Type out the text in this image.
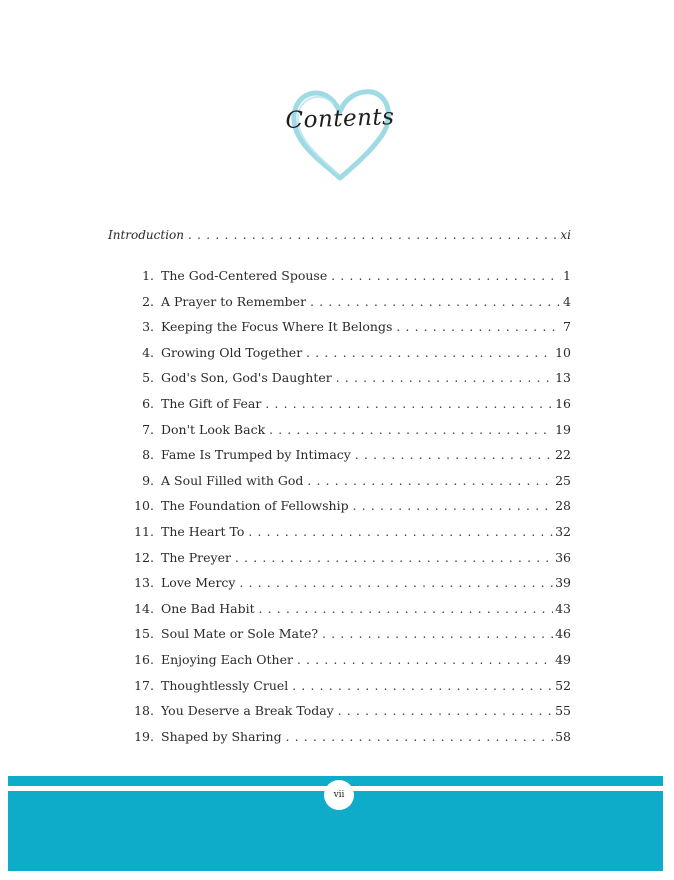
Contents
Introduction . . .	xi
1. The God-Centered Spouse . . .	1
2. A Prayer to Remember . . .	4
3. Keeping the Focus Where It Belongs . . .	7
4. Growing Old Together . . .	10
5. God's Son, God's Daughter . . .	13
6. The Gift of Fear . . .	16
7. Don't Look Back . . .	19
8. Fame Is Trumped by Intimacy . . .	22
9. A Soul Filled with God . . .	25
10. The Foundation of Fellowship . . .	28
11. The Heart To . . .	32
12. The Preyer . . .	36
13. Love Mercy . . .	39
14. One Bad Habit . . .	43
15. Soul Mate or Sole Mate? . . .	46
16. Enjoying Each Other . . .	49
17. Thoughtlessly Cruel . . .	52
18. You Deserve a Break Today . . .	55
19. Shaped by Sharing . . .	58
vii
